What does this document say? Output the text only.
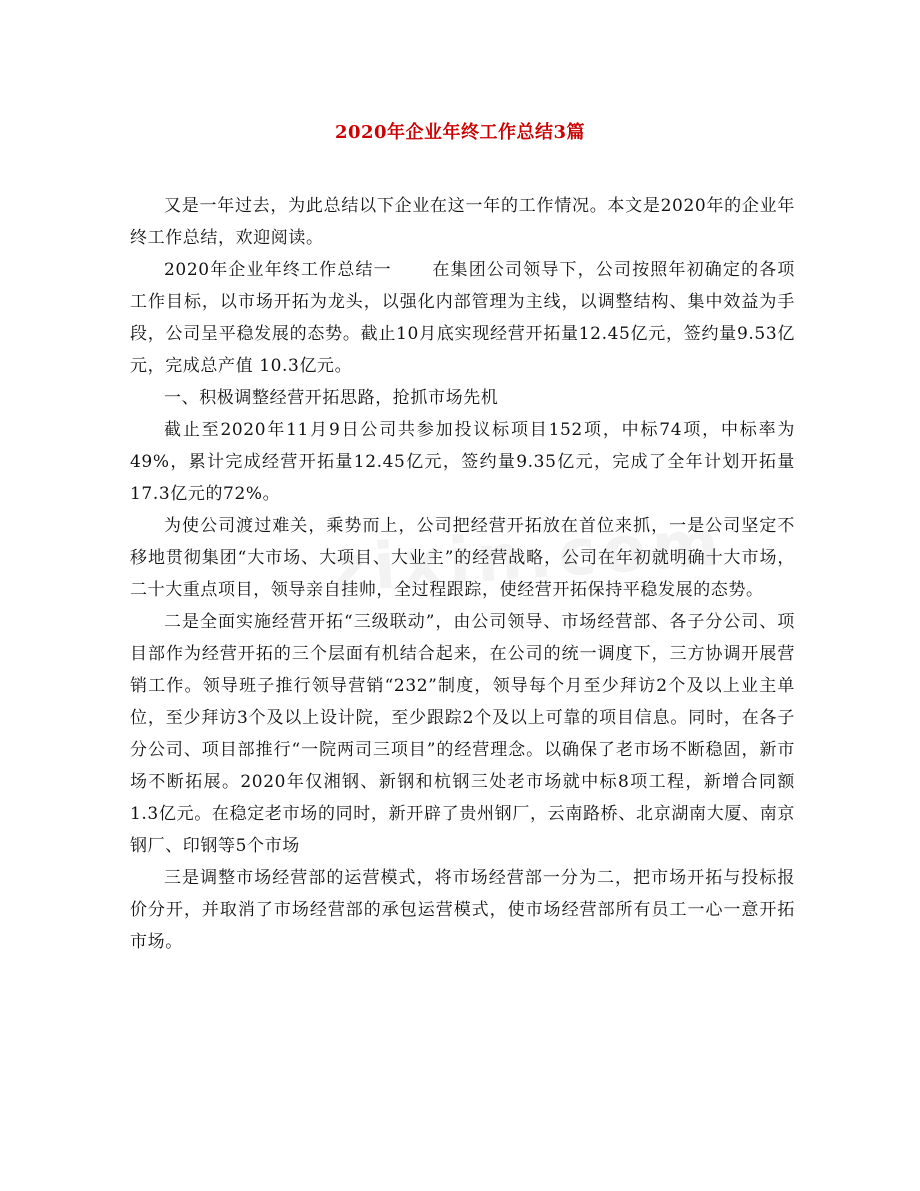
2020年企业年终工作总结3篇

又是一年过去，为此总结以下企业在这一年的工作情况。本文是2020年的企业年终工作总结，欢迎阅读。

2020年企业年终工作总结一 在集团公司领导下，公司按照年初确定的各项工作目标，以市场开拓为龙头，以强化内部管理为主线，以调整结构、集中效益为手段，公司呈平稳发展的态势。截止10月底实现经营开拓量12.45亿元，签约量9.53亿元，完成总产值 10.3亿元。

一、积极调整经营开拓思路，抢抓市场先机

截止至2020年11月9日公司共参加投议标项目152项，中标74项，中标率为49%，累计完成经营开拓量12.45亿元，签约量9.35亿元，完成了全年计划开拓量17.3亿元的72%。

为使公司渡过难关，乘势而上，公司把经营开拓放在首位来抓，一是公司坚定不移地贯彻集团“大市场、大项目、大业主”的经营战略，公司在年初就明确十大市场，二十大重点项目，领导亲自挂帅，全过程跟踪，使经营开拓保持平稳发展的态势。

二是全面实施经营开拓“三级联动”，由公司领导、市场经营部、各子分公司、项目部作为经营开拓的三个层面有机结合起来，在公司的统一调度下，三方协调开展营销工作。领导班子推行领导营销“232”制度，领导每个月至少拜访2个及以上业主单位，至少拜访3个及以上设计院，至少跟踪2个及以上可靠的项目信息。同时，在各子分公司、项目部推行“一院两司三项目”的经营理念。以确保了老市场不断稳固，新市场不断拓展。2020年仅湘钢、新钢和杭钢三处老市场就中标8项工程，新增合同额1.3亿元。在稳定老市场的同时，新开辟了贵州钢厂，云南路桥、北京湖南大厦、南京钢厂、印钢等5个市场

三是调整市场经营部的运营模式，将市场经营部一分为二，把市场开拓与投标报价分开，并取消了市场经营部的承包运营模式，使市场经营部所有员工一心一意开拓市场。
